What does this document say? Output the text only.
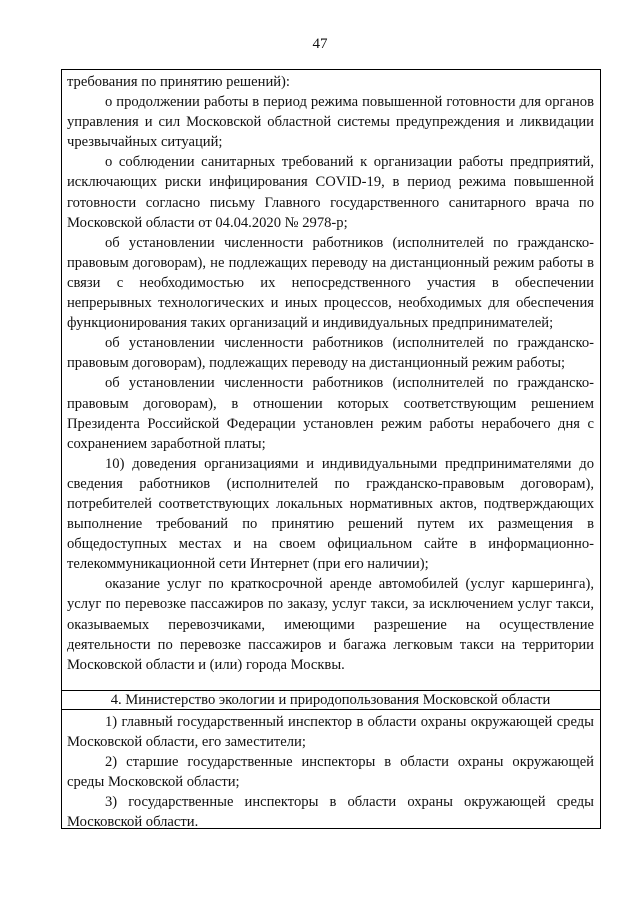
47

требования по принятию решений):

о продолжении работы в период режима повышенной готовности для органов управления и сил Московской областной системы предупреждения и ликвидации чрезвычайных ситуаций;

о соблюдении санитарных требований к организации работы предприятий, исключающих риски инфицирования COVID-19, в период режима повышенной готовности согласно письму Главного государственного санитарного врача по Московской области от 04.04.2020 № 2978-р;

об установлении численности работников (исполнителей по гражданско-правовым договорам), не подлежащих переводу на дистанционный режим работы в связи с необходимостью их непосредственного участия в обеспечении непрерывных технологических и иных процессов, необходимых для обеспечения функционирования таких организаций и индивидуальных предпринимателей;

об установлении численности работников (исполнителей по гражданско-правовым договорам), подлежащих переводу на дистанционный режим работы;

об установлении численности работников (исполнителей по гражданско-правовым договорам), в отношении которых соответствующим решением Президента Российской Федерации установлен режим работы нерабочего дня с сохранением заработной платы;

10) доведения организациями и индивидуальными предпринимателями до сведения работников (исполнителей по гражданско-правовым договорам), потребителей соответствующих локальных нормативных актов, подтверждающих выполнение требований по принятию решений путем их размещения в общедоступных местах и на своем официальном сайте в информационно-телекоммуникационной сети Интернет (при его наличии);

оказание услуг по краткосрочной аренде автомобилей (услуг каршеринга), услуг по перевозке пассажиров по заказу, услуг такси, за исключением услуг такси, оказываемых перевозчиками, имеющими разрешение на осуществление деятельности по перевозке пассажиров и багажа легковым такси на территории Московской области и (или) города Москвы.

4. Министерство экологии и природопользования Московской области

1) главный государственный инспектор в области охраны окружающей среды Московской области, его заместители;

2) старшие государственные инспекторы в области охраны окружающей среды Московской области;

3) государственные инспекторы в области охраны окружающей среды Московской области.
